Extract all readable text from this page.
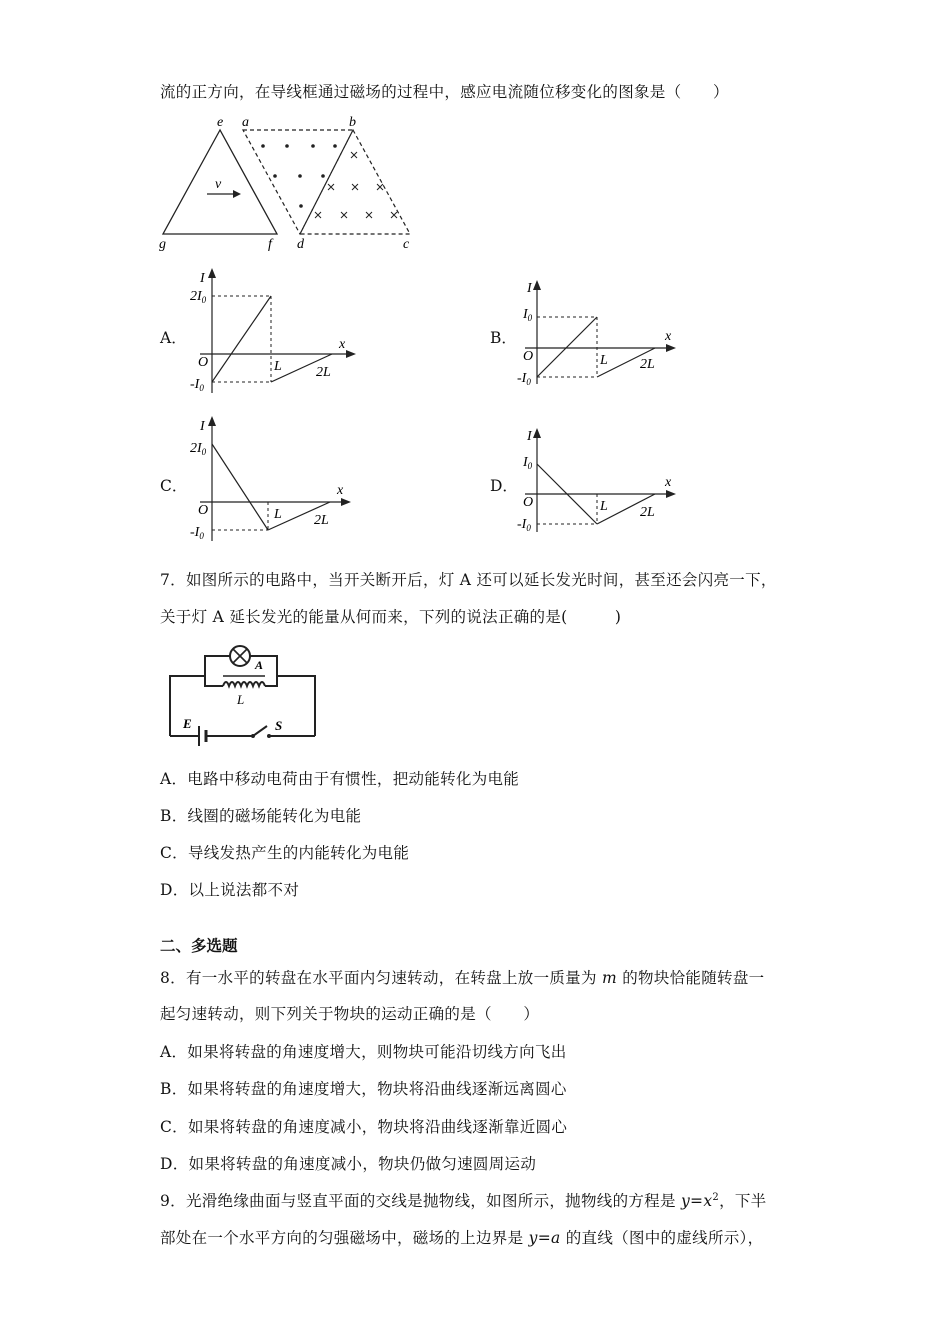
流的正方向，在导线框通过磁场的过程中，感应电流随位移变化的图象是（　　）
e a	b
v
g	f d	c
A．
I
$2I_0$
O
$-I_0$
L 2L
x	B．
I
$I_0$
O
$-I_0$
L 2L
x
C．
I
$2I_0$
O
$-I_0$
L 2L
x	D．
I
$I_0$
O
$-I_0$
L 2L
x
7．如图所示的电路中，当开关断开后，灯 A 还可以延长发光时间，甚至还会闪亮一下，
关于灯 A 延长发光的能量从何而来，下列的说法正确的是(　　　)
A
L
E	S
A．电路中移动电荷由于有惯性，把动能转化为电能
B．线圈的磁场能转化为电能
C．导线发热产生的内能转化为电能
D．以上说法都不对
二、多选题
8．有一水平的转盘在水平面内匀速转动，在转盘上放一质量为 m 的物块恰能随转盘一
起匀速转动，则下列关于物块的运动正确的是（　　）
A．如果将转盘的角速度增大，则物块可能沿切线方向飞出
B．如果将转盘的角速度增大，物块将沿曲线逐渐远离圆心
C．如果将转盘的角速度减小，物块将沿曲线逐渐靠近圆心
D．如果将转盘的角速度减小，物块仍做匀速圆周运动
9．光滑绝缘曲面与竖直平面的交线是抛物线，如图所示，抛物线的方程是 $y=x^2$，下半
部处在一个水平方向的匀强磁场中，磁场的上边界是 y=a 的直线（图中的虚线所示），
